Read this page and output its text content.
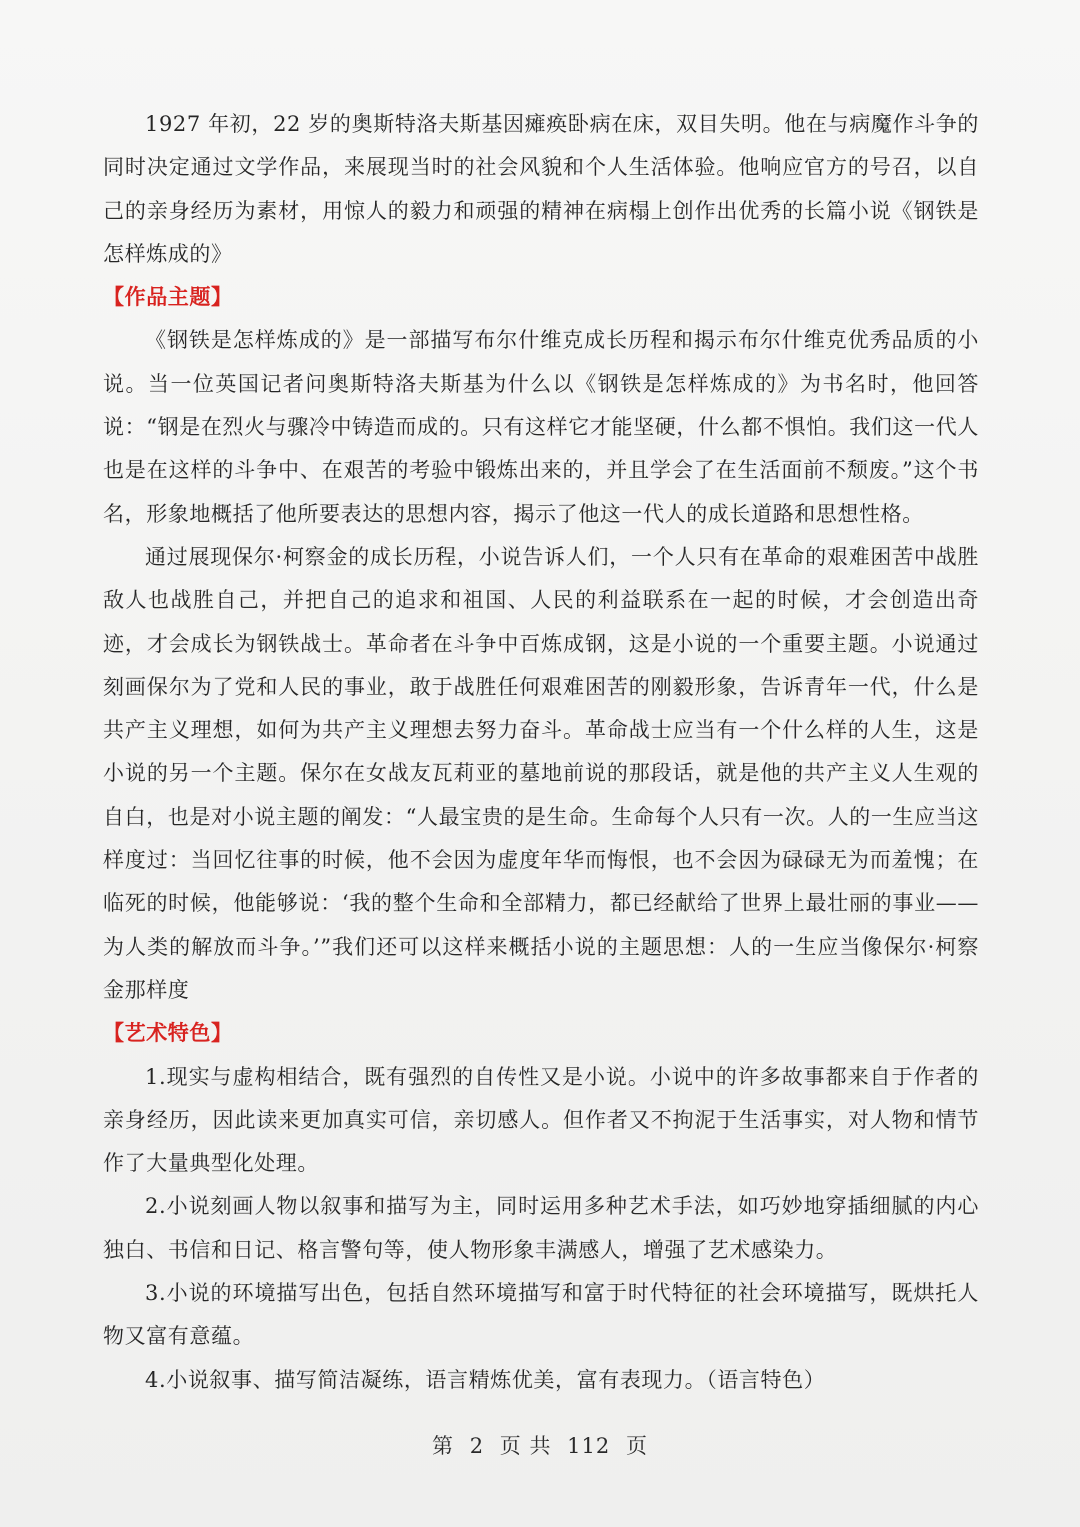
1927 年初，22 岁的奥斯特洛夫斯基因瘫痪卧病在床，双目失明。他在与病魔作斗争的同时决定通过文学作品，来展现当时的社会风貌和个人生活体验。他响应官方的号召，以自己的亲身经历为素材，用惊人的毅力和顽强的精神在病榻上创作出优秀的长篇小说《钢铁是怎样炼成的》

【作品主题】

《钢铁是怎样炼成的》是一部描写布尔什维克成长历程和揭示布尔什维克优秀品质的小说。当一位英国记者问奥斯特洛夫斯基为什么以《钢铁是怎样炼成的》为书名时，他回答说：“钢是在烈火与骤冷中铸造而成的。只有这样它才能坚硬，什么都不惧怕。我们这一代人也是在这样的斗争中、在艰苦的考验中锻炼出来的，并且学会了在生活面前不颓废。”这个书名，形象地概括了他所要表达的思想内容，揭示了他这一代人的成长道路和思想性格。

通过展现保尔·柯察金的成长历程，小说告诉人们，一个人只有在革命的艰难困苦中战胜敌人也战胜自己，并把自己的追求和祖国、人民的利益联系在一起的时候，才会创造出奇迹，才会成长为钢铁战士。革命者在斗争中百炼成钢，这是小说的一个重要主题。小说通过刻画保尔为了党和人民的事业，敢于战胜任何艰难困苦的刚毅形象，告诉青年一代，什么是共产主义理想，如何为共产主义理想去努力奋斗。革命战士应当有一个什么样的人生，这是小说的另一个主题。保尔在女战友瓦莉亚的墓地前说的那段话，就是他的共产主义人生观的自白，也是对小说主题的阐发：“人最宝贵的是生命。生命每个人只有一次。人的一生应当这样度过：当回忆往事的时候，他不会因为虚度年华而悔恨，也不会因为碌碌无为而羞愧；在临死的时候，他能够说：‘我的整个生命和全部精力，都已经献给了世界上最壮丽的事业——为人类的解放而斗争。’”我们还可以这样来概括小说的主题思想：人的一生应当像保尔·柯察金那样度

【艺术特色】

1.现实与虚构相结合，既有强烈的自传性又是小说。小说中的许多故事都来自于作者的亲身经历，因此读来更加真实可信，亲切感人。但作者又不拘泥于生活事实，对人物和情节作了大量典型化处理。

2.小说刻画人物以叙事和描写为主，同时运用多种艺术手法，如巧妙地穿插细腻的内心独白、书信和日记、格言警句等，使人物形象丰满感人，增强了艺术感染力。

3.小说的环境描写出色，包括自然环境描写和富于时代特征的社会环境描写，既烘托人物又富有意蕴。

4.小说叙事、描写简洁凝练，语言精炼优美，富有表现力。（语言特色）

第 2 页 共 112 页
